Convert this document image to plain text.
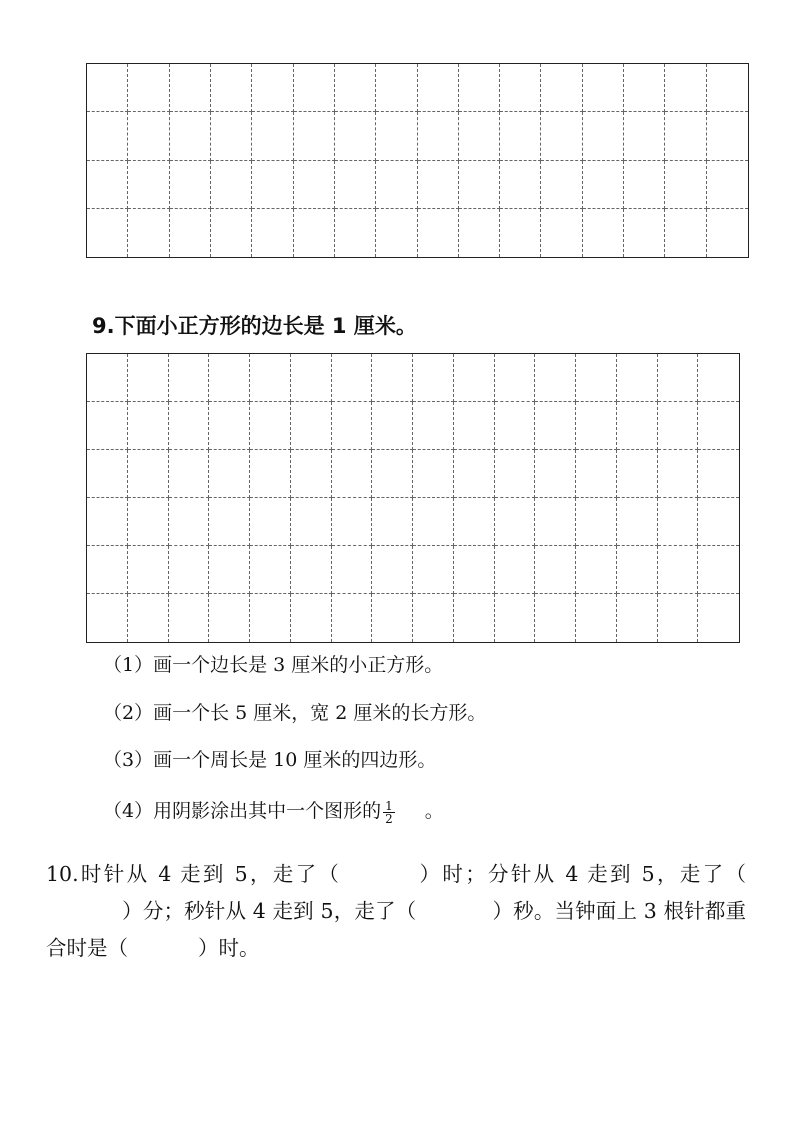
9.下面小正方形的边长是 1 厘米。
（1）画一个边长是 3 厘米的小正方形。
（2）画一个长 5 厘米，宽 2 厘米的长方形。
（3）画一个周长是 10 厘米的四边形。
（4）用阴影涂出其中一个图形的 $\frac{1}{2}$ 。
10.时针从 4 走到 5，走了（	）时；分针从 4 走到 5，走了（）分；秒针从 4 走到 5，走了（	）秒。当钟面上 3 根针都重合时是（	）时。
